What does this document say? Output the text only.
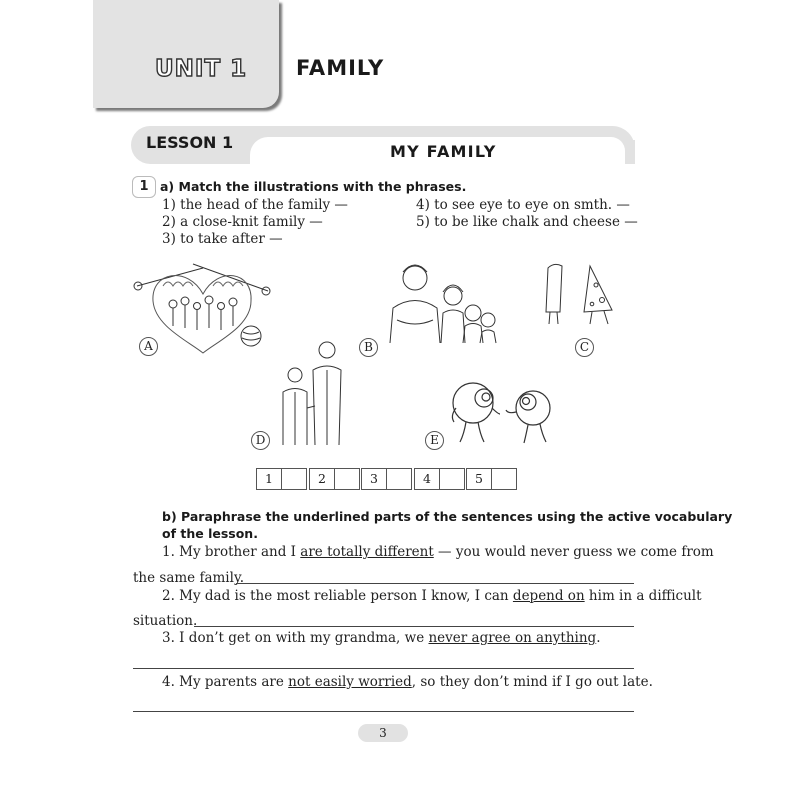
UNIT 1 FAMILY
LESSON 1	MY FAMILY
1 a) Match the illustrations with the phrases.
1) the head of the family —
2) a close-knit family —
3) to take after —
4) to see eye to eye on smth. —
5) to be like chalk and cheese —
A	B	C
D	E
1	2	3	4	5
b) Paraphrase the underlined parts of the sentences using the active vocabulary
of the lesson.
1. My brother and I are totally different — you would never guess we come from
the same family.
2. My dad is the most reliable person I know, I can depend on him in a difficult
situation.
3. I don’t get on with my grandma, we never agree on anything.
4. My parents are not easily worried, so they don’t mind if I go out late.
3
